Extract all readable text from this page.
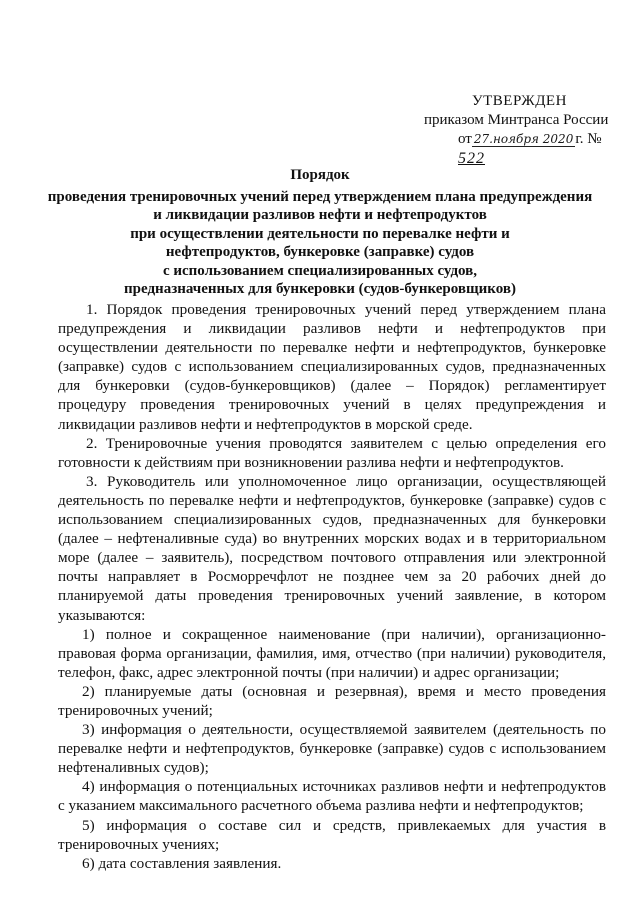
УТВЕРЖДЕН
приказом Минтранса России
от 27.ноября 2020 г. № 522
Порядок
проведения тренировочных учений перед утверждением плана предупреждения
и ликвидации разливов нефти и нефтепродуктов
при осуществлении деятельности по перевалке нефти и
нефтепродуктов, бункеровке (заправке) судов
с использованием специализированных судов,
предназначенных для бункеровки (судов-бункеровщиков)

1. Порядок проведения тренировочных учений перед утверждением плана предупреждения и ликвидации разливов нефти и нефтепродуктов при осуществлении деятельности по перевалке нефти и нефтепродуктов, бункеровке (заправке) судов с использованием специализированных судов, предназначенных для бункеровки (судов-бункеровщиков) (далее – Порядок) регламентирует процедуру проведения тренировочных учений в целях предупреждения и ликвидации разливов нефти и нефтепродуктов в морской среде.

2. Тренировочные учения проводятся заявителем с целью определения его готовности к действиям при возникновении разлива нефти и нефтепродуктов.

3. Руководитель или уполномоченное лицо организации, осуществляющей деятельность по перевалке нефти и нефтепродуктов, бункеровке (заправке) судов с использованием специализированных судов, предназначенных для бункеровки (далее – нефтеналивные суда) во внутренних морских водах и в территориальном море (далее – заявитель), посредством почтового отправления или электронной почты направляет в Росморречфлот не позднее чем за 20 рабочих дней до планируемой даты проведения тренировочных учений заявление, в котором указываются:

1) полное и сокращенное наименование (при наличии), организационно-правовая форма организации, фамилия, имя, отчество (при наличии) руководителя, телефон, факс, адрес электронной почты (при наличии) и адрес организации;

2) планируемые даты (основная и резервная), время и место проведения тренировочных учений;

3) информация о деятельности, осуществляемой заявителем (деятельность по перевалке нефти и нефтепродуктов, бункеровке (заправке) судов с использованием нефтеналивных судов);

4) информация о потенциальных источниках разливов нефти и нефтепродуктов с указанием максимального расчетного объема разлива нефти и нефтепродуктов;

5) информация о составе сил и средств, привлекаемых для участия в тренировочных учениях;

6) дата составления заявления.
